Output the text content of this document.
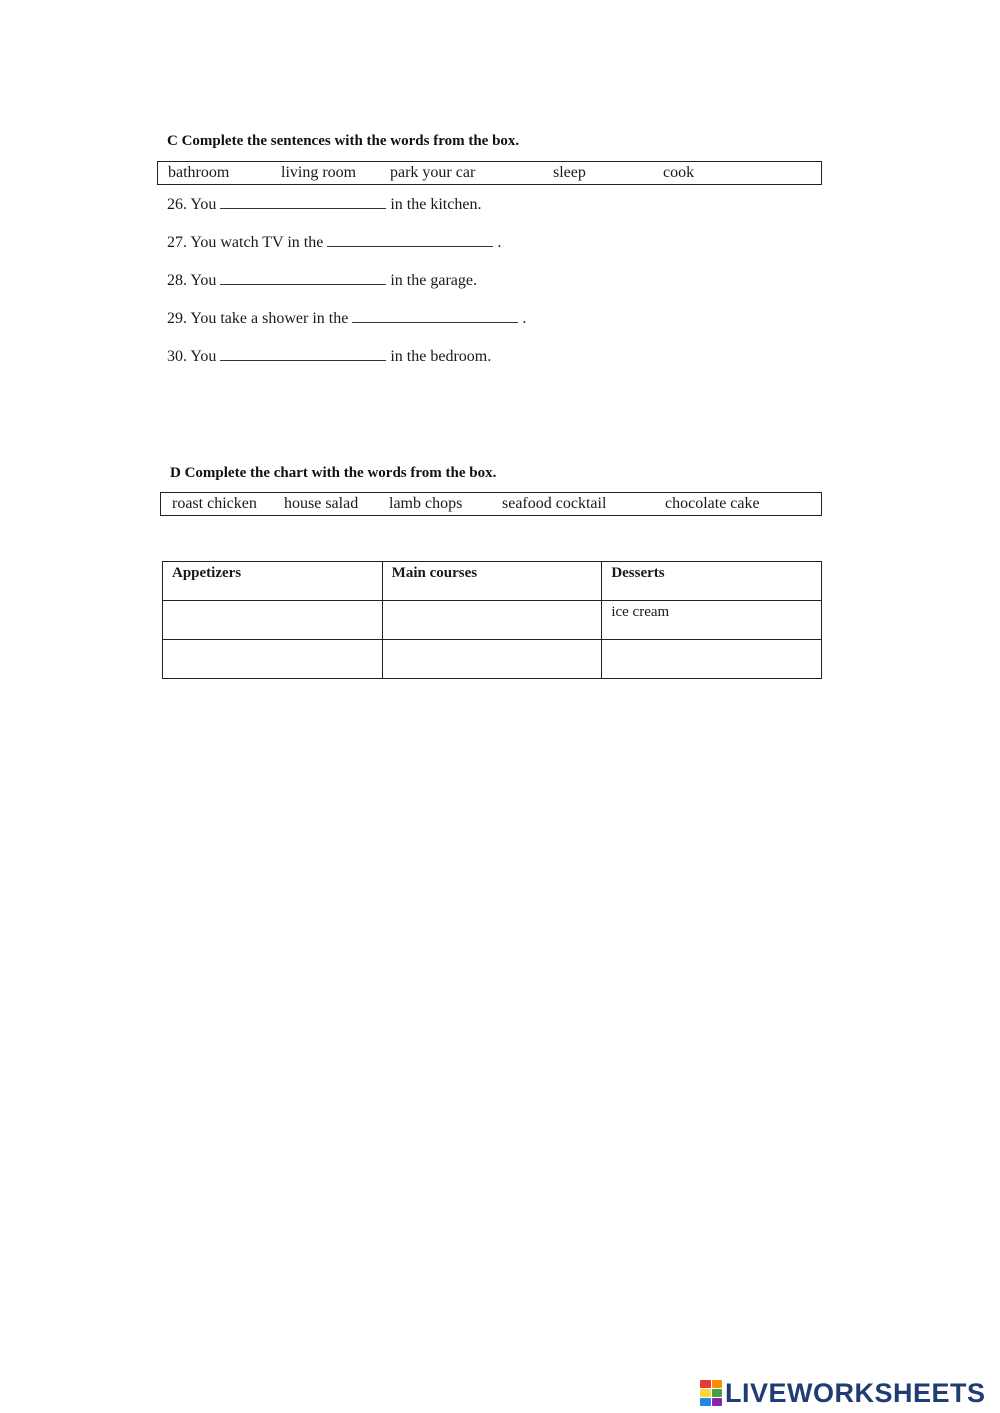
C Complete the sentences with the words from the box.
bathroom	living room park your car	sleep	cook
26. You	in the kitchen.
27. You watch TV in the	.
28. You	in the garage.
29. You take a shower in the	.
30. You	in the bedroom.
D Complete the chart with the words from the box.
roast chicken house salad lamb chops seafood cocktail	chocolate cake
Appetizers	Main courses	Desserts
		ice cream

LIVEWORKSHEETS
